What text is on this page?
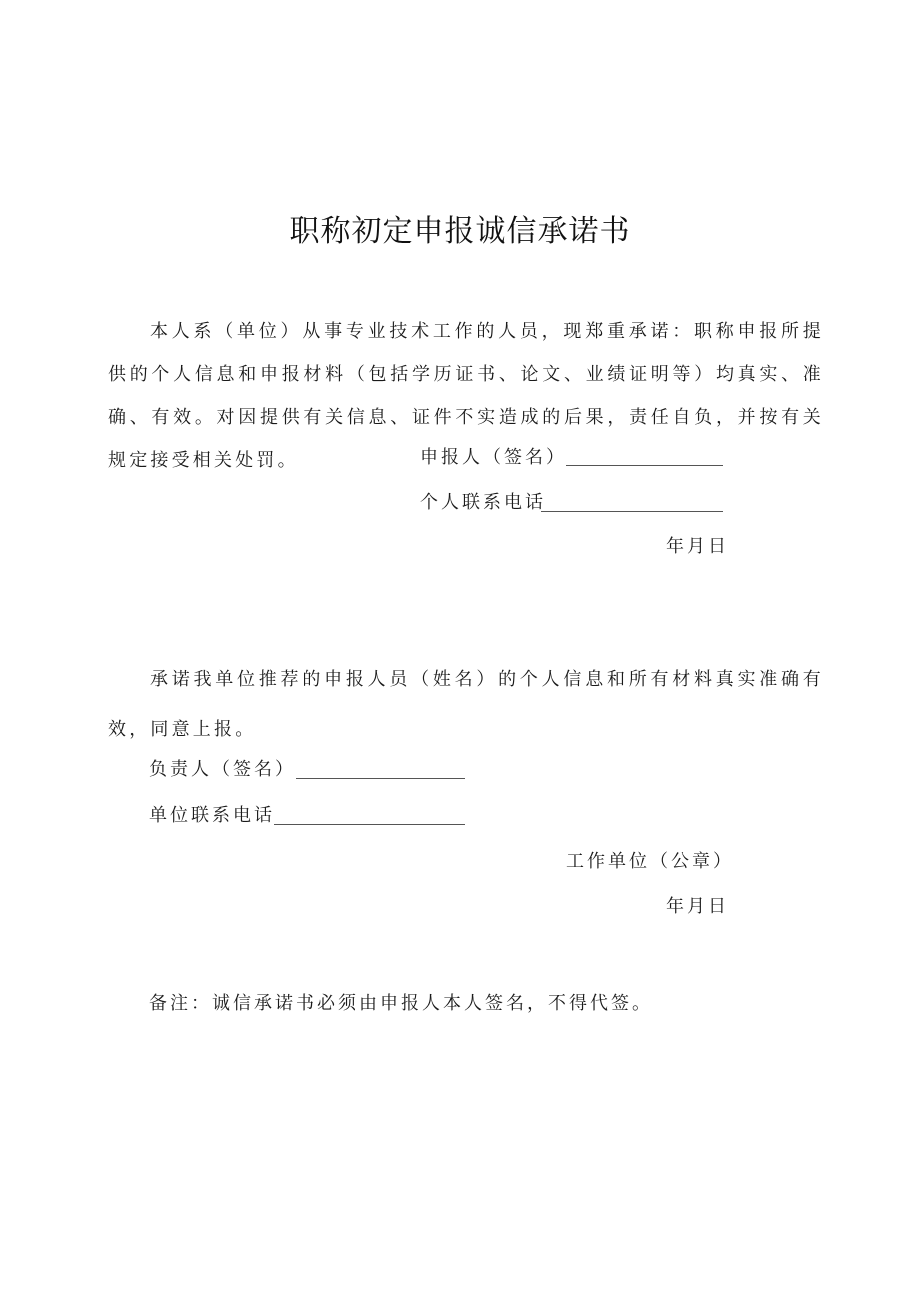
职称初定申报诚信承诺书

本人系（单位）从事专业技术工作的人员，现郑重承诺：职称申报所提供的个人信息和申报材料（包括学历证书、论文、业绩证明等）均真实、准确、有效。对因提供有关信息、证件不实造成的后果，责任自负，并按有关规定接受相关处罚。	申报人（签名）
个人联系电话
年月日

承诺我单位推荐的申报人员（姓名）的个人信息和所有材料真实准确有效，同意上报。

负责人（签名）
单位联系电话
工作单位（公章）
年月日
备注：诚信承诺书必须由申报人本人签名，不得代签。
